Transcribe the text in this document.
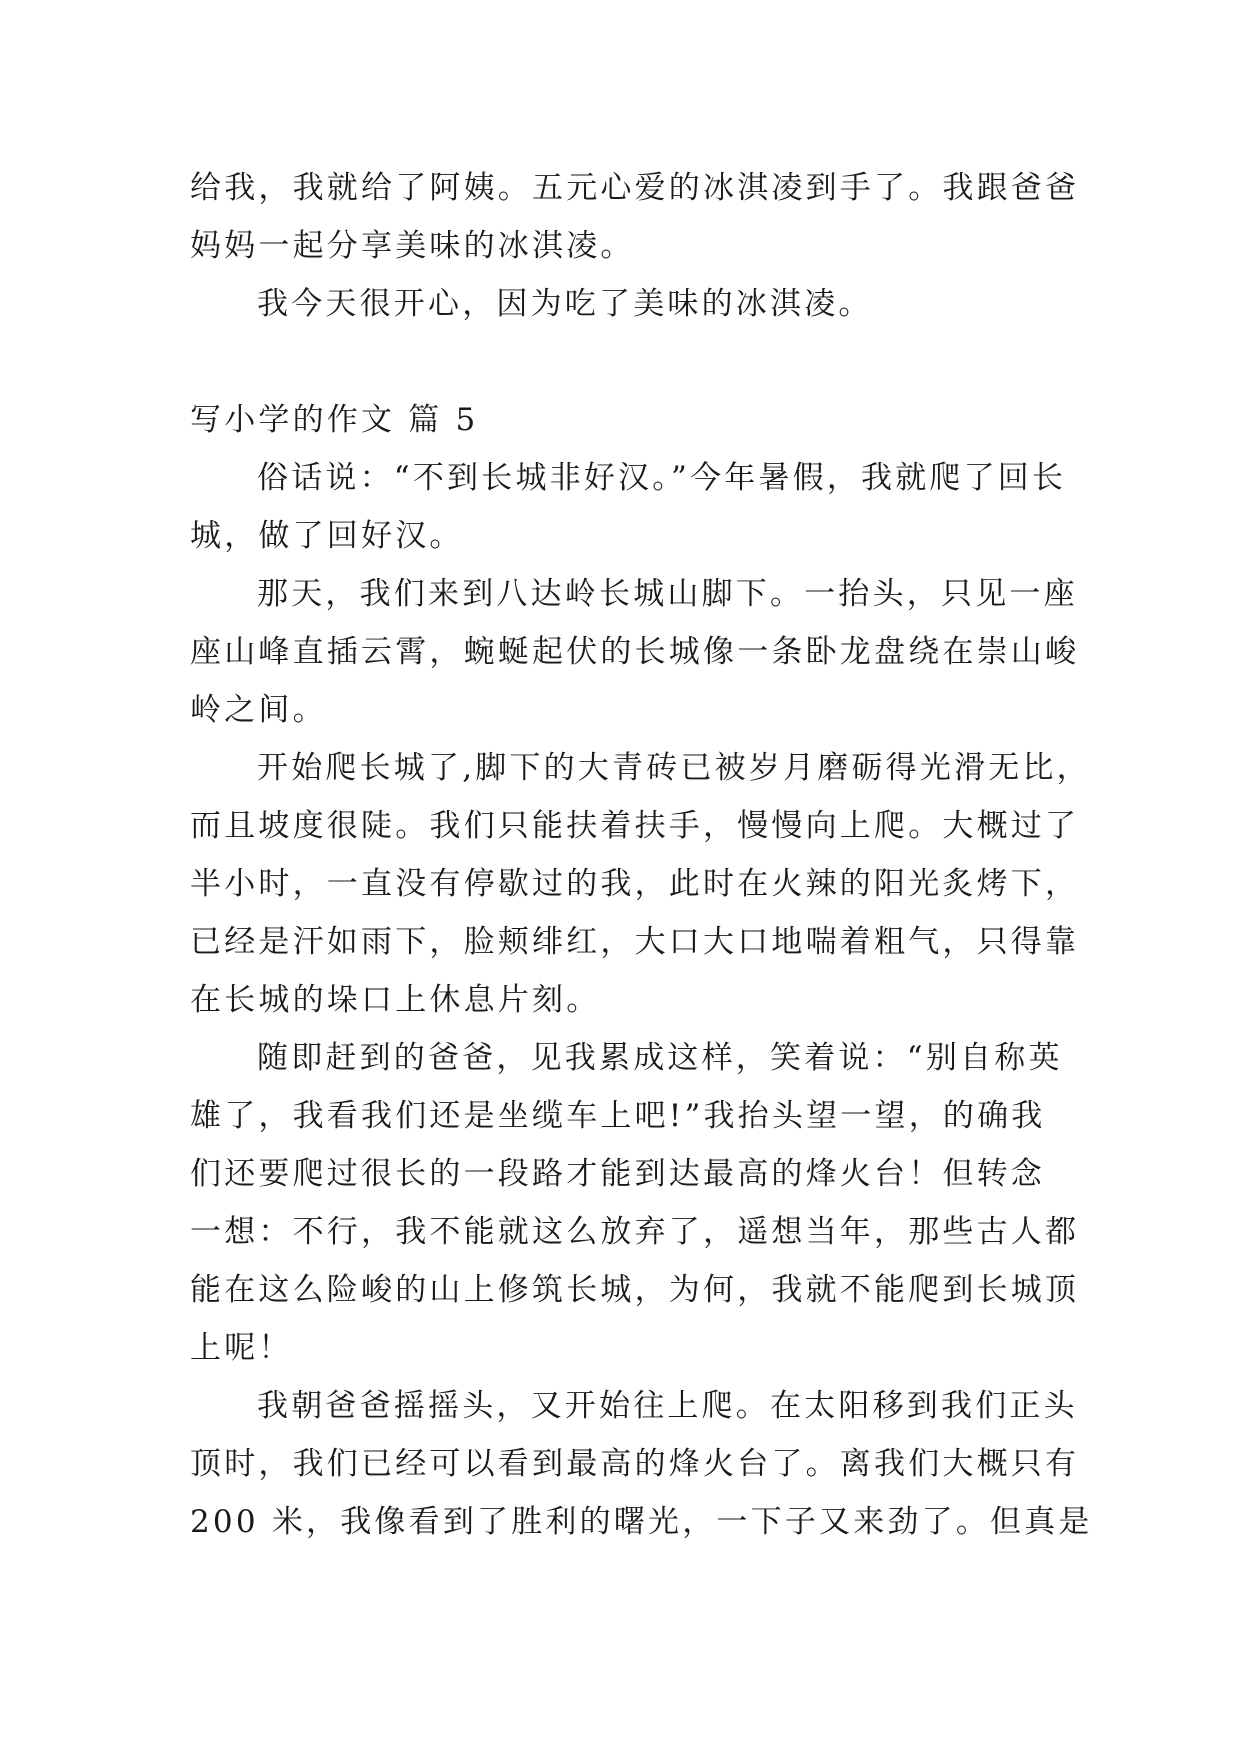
给我，我就给了阿姨。五元心爱的冰淇凌到手了。我跟爸爸
妈妈一起分享美味的冰淇凌。
我今天很开心，因为吃了美味的冰淇凌。
写小学的作文 篇 5
俗话说：“不到长城非好汉。”今年暑假，我就爬了回长
城，做了回好汉。
那天，我们来到八达岭长城山脚下。一抬头，只见一座
座山峰直插云霄，蜿蜒起伏的长城像一条卧龙盘绕在崇山峻
岭之间。
开始爬长城了,脚下的大青砖已被岁月磨砺得光滑无比，
而且坡度很陡。我们只能扶着扶手，慢慢向上爬。大概过了
半小时，一直没有停歇过的我，此时在火辣的阳光炙烤下，
已经是汗如雨下，脸颊绯红，大口大口地喘着粗气，只得靠
在长城的垛口上休息片刻。
随即赶到的爸爸，见我累成这样，笑着说：“别自称英
雄了，我看我们还是坐缆车上吧!”我抬头望一望，的确我
们还要爬过很长的一段路才能到达最高的烽火台！但转念
一想：不行，我不能就这么放弃了，遥想当年，那些古人都
能在这么险峻的山上修筑长城，为何，我就不能爬到长城顶
上呢！
我朝爸爸摇摇头，又开始往上爬。在太阳移到我们正头
顶时，我们已经可以看到最高的烽火台了。离我们大概只有
200 米，我像看到了胜利的曙光，一下子又来劲了。但真是
